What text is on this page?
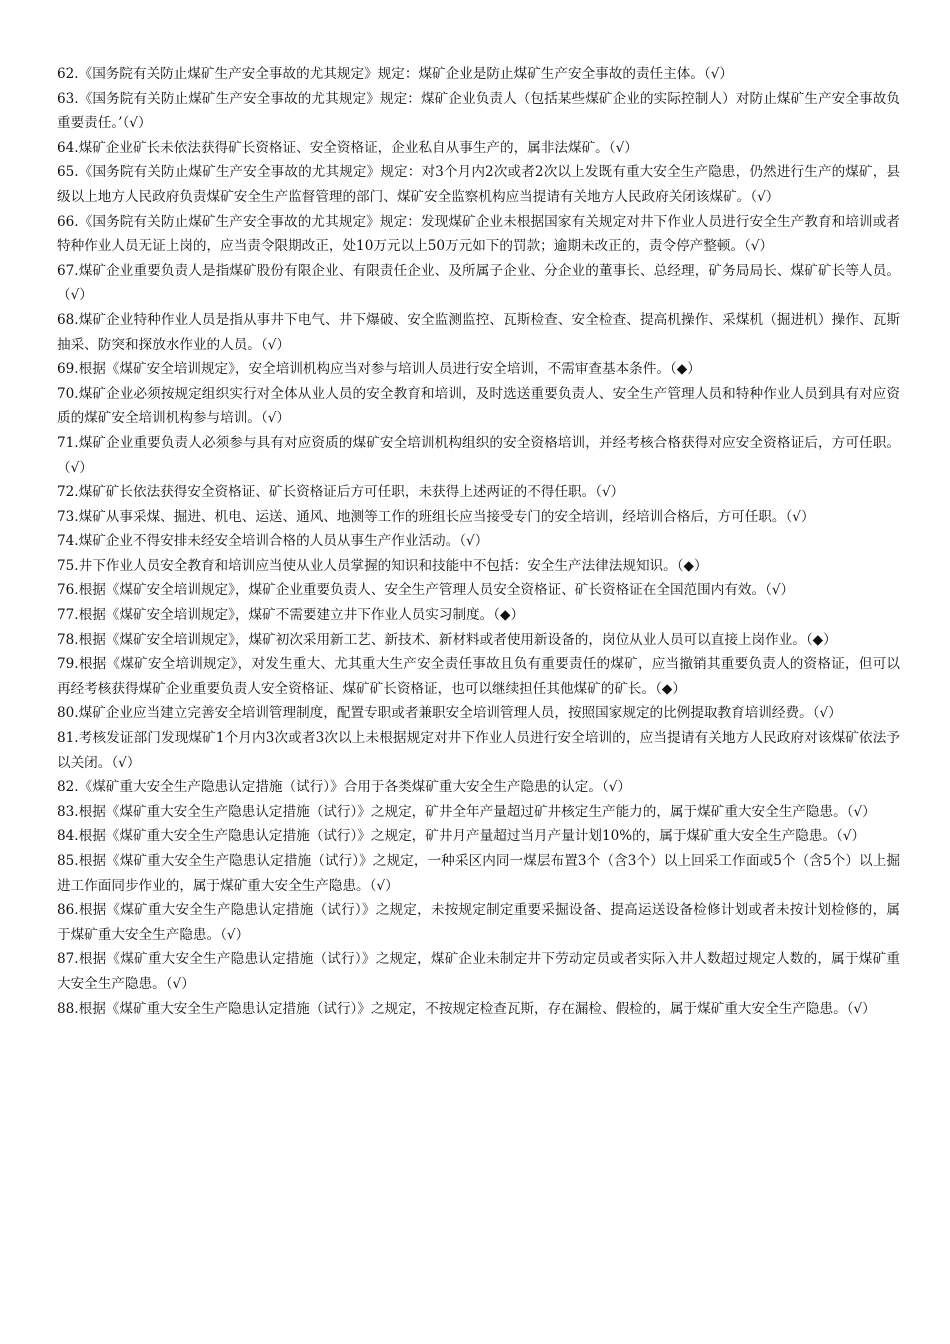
62.《国务院有关防止煤矿生产安全事故的尤其规定》规定：煤矿企业是防止煤矿生产安全事故的责任主体。（√）

63.《国务院有关防止煤矿生产安全事故的尤其规定》规定：煤矿企业负责人（包括某些煤矿企业的实际控制人）对防止煤矿生产安全事故负重要责任。’（√）

64.煤矿企业矿长未依法获得矿长资格证、安全资格证，企业私自从事生产的，属非法煤矿。（√）

65.《国务院有关防止煤矿生产安全事故的尤其规定》规定：对3个月内2次或者2次以上发既有重大安全生产隐患，仍然进行生产的煤矿，县级以上地方人民政府负责煤矿安全生产监督管理的部门、煤矿安全监察机构应当提请有关地方人民政府关闭该煤矿。（√）

66.《国务院有关防止煤矿生产安全事故的尤其规定》规定：发现煤矿企业未根据国家有关规定对井下作业人员进行安全生产教育和培训或者特种作业人员无证上岗的，应当责令限期改正，处10万元以上50万元如下的罚款；逾期未改正的，责令停产整顿。（√）

67.煤矿企业重要负责人是指煤矿股份有限企业、有限责任企业、及所属子企业、分企业的董事长、总经理，矿务局局长、煤矿矿长等人员。（√）

68.煤矿企业特种作业人员是指从事井下电气、井下爆破、安全监测监控、瓦斯检查、安全检查、提高机操作、采煤机（掘进机）操作、瓦斯抽采、防突和探放水作业的人员。（√）

69.根据《煤矿安全培训规定》，安全培训机构应当对参与培训人员进行安全培训，不需审查基本条件。（◆）

70.煤矿企业必须按规定组织实行对全体从业人员的安全教育和培训，及时选送重要负责人、安全生产管理人员和特种作业人员到具有对应资质的煤矿安全培训机构参与培训。（√）

71.煤矿企业重要负责人必须参与具有对应资质的煤矿安全培训机构组织的安全资格培训，并经考核合格获得对应安全资格证后，方可任职。（√）

72.煤矿矿长依法获得安全资格证、矿长资格证后方可任职，未获得上述两证的不得任职。（√）

73.煤矿从事采煤、掘进、机电、运送、通风、地测等工作的班组长应当接受专门的安全培训，经培训合格后，方可任职。（√）

74.煤矿企业不得安排未经安全培训合格的人员从事生产作业活动。（√）

75.井下作业人员安全教育和培训应当使从业人员掌握的知识和技能中不包括：安全生产法律法规知识。（◆）

76.根据《煤矿安全培训规定》，煤矿企业重要负责人、安全生产管理人员安全资格证、矿长资格证在全国范围内有效。（√）

77.根据《煤矿安全培训规定》，煤矿不需要建立井下作业人员实习制度。（◆）

78.根据《煤矿安全培训规定》，煤矿初次采用新工艺、新技术、新材料或者使用新设备的，岗位从业人员可以直接上岗作业。（◆）

79.根据《煤矿安全培训规定》，对发生重大、尤其重大生产安全责任事故且负有重要责任的煤矿，应当撤销其重要负责人的资格证，但可以再经考核获得煤矿企业重要负责人安全资格证、煤矿矿长资格证，也可以继续担任其他煤矿的矿长。（◆）

80.煤矿企业应当建立完善安全培训管理制度，配置专职或者兼职安全培训管理人员，按照国家规定的比例提取教育培训经费。（√）

81.考核发证部门发现煤矿1个月内3次或者3次以上未根据规定对井下作业人员进行安全培训的，应当提请有关地方人民政府对该煤矿依法予以关闭。（√）

82.《煤矿重大安全生产隐患认定措施（试行）》合用于各类煤矿重大安全生产隐患的认定。（√）

83.根据《煤矿重大安全生产隐患认定措施（试行）》之规定，矿井全年产量超过矿井核定生产能力的，属于煤矿重大安全生产隐患。（√）

84.根据《煤矿重大安全生产隐患认定措施（试行）》之规定，矿井月产量超过当月产量计划10%的，属于煤矿重大安全生产隐患。（√）

85.根据《煤矿重大安全生产隐患认定措施（试行）》之规定，一种采区内同一煤层布置3个（含3个）以上回采工作面或5个（含5个）以上掘进工作面同步作业的，属于煤矿重大安全生产隐患。（√）

86.根据《煤矿重大安全生产隐患认定措施（试行）》之规定，未按规定制定重要采掘设备、提高运送设备检修计划或者未按计划检修的，属于煤矿重大安全生产隐患。（√）

87.根据《煤矿重大安全生产隐患认定措施（试行）》之规定，煤矿企业未制定井下劳动定员或者实际入井人数超过规定人数的，属于煤矿重大安全生产隐患。（√）

88.根据《煤矿重大安全生产隐患认定措施（试行）》之规定，不按规定检查瓦斯，存在漏检、假检的，属于煤矿重大安全生产隐患。（√）
